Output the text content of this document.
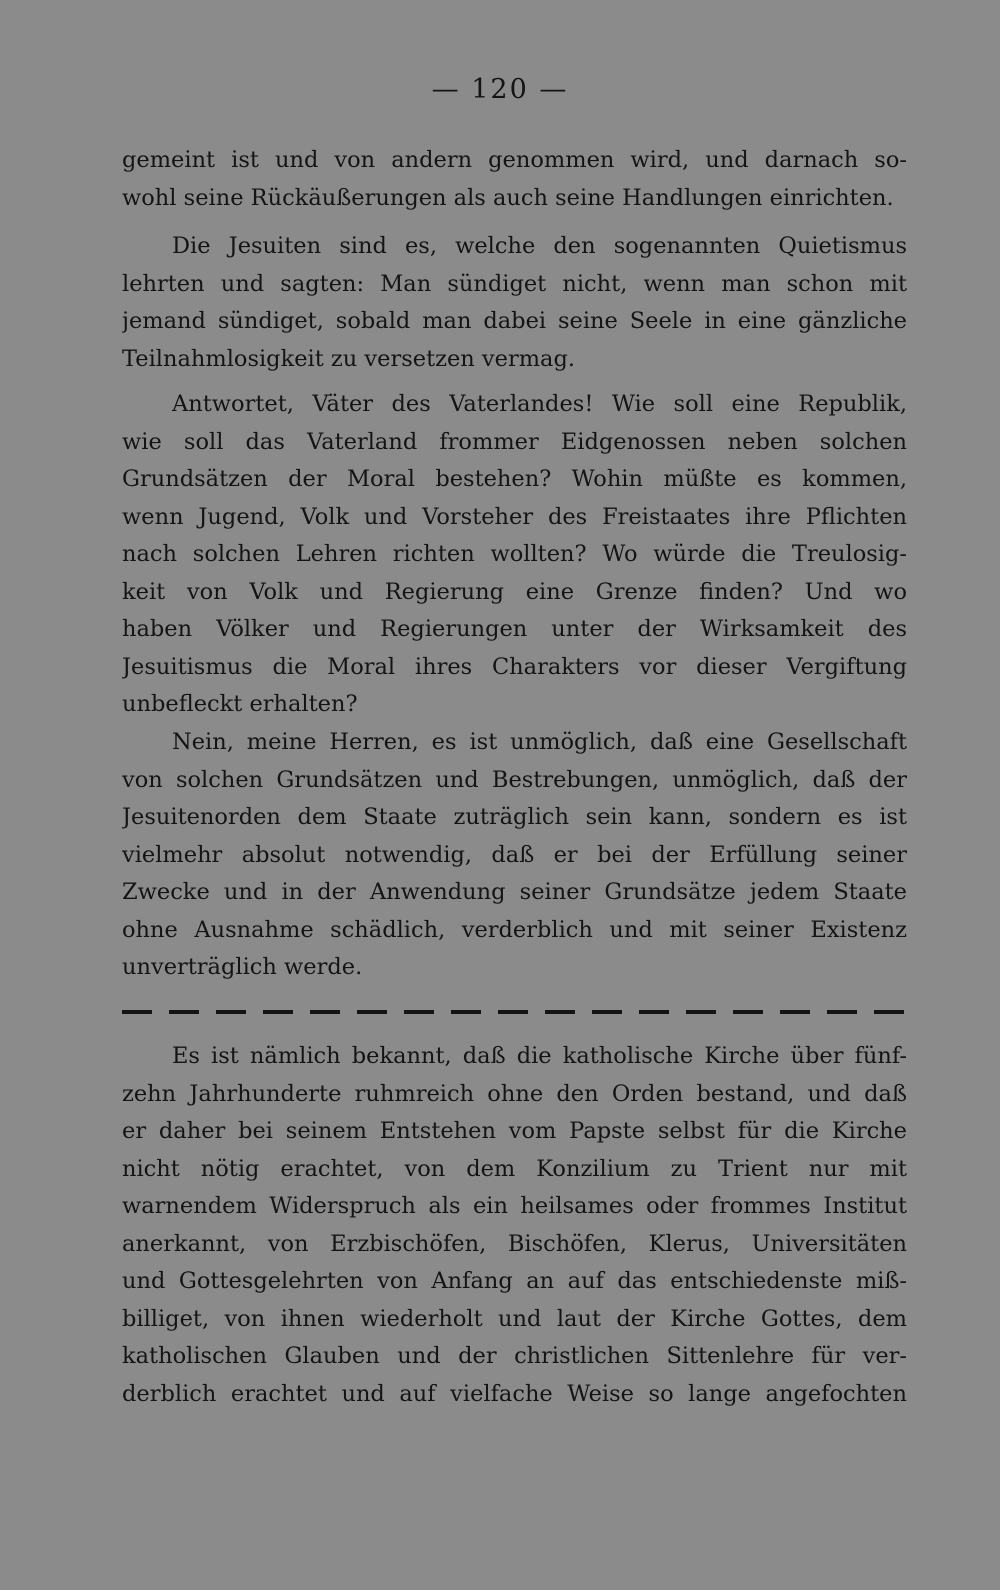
— 120 —
gemeint ist und von andern genommen wird, und darnach so-
wohl seine Rückäußerungen als auch seine Handlungen einrichten.
Die Jesuiten sind es, welche den sogenannten Quietismus
lehrten und sagten: Man sündiget nicht, wenn man schon mit
jemand sündiget, sobald man dabei seine Seele in eine gänzliche
Teilnahmlosigkeit zu versetzen vermag.
Antwortet, Väter des Vaterlandes! Wie soll eine Republik,
wie soll das Vaterland frommer Eidgenossen neben solchen
Grundsätzen der Moral bestehen? Wohin müßte es kommen,
wenn Jugend, Volk und Vorsteher des Freistaates ihre Pflichten
nach solchen Lehren richten wollten? Wo würde die Treulosig-
keit von Volk und Regierung eine Grenze finden? Und wo
haben Völker und Regierungen unter der Wirksamkeit des
Jesuitismus die Moral ihres Charakters vor dieser Vergiftung
unbefleckt erhalten?
Nein, meine Herren, es ist unmöglich, daß eine Gesellschaft
von solchen Grundsätzen und Bestrebungen, unmöglich, daß der
Jesuitenorden dem Staate zuträglich sein kann, sondern es ist
vielmehr absolut notwendig, daß er bei der Erfüllung seiner
Zwecke und in der Anwendung seiner Grundsätze jedem Staate
ohne Ausnahme schädlich, verderblich und mit seiner Existenz
unverträglich werde.
Es ist nämlich bekannt, daß die katholische Kirche über fünf-
zehn Jahrhunderte ruhmreich ohne den Orden bestand, und daß
er daher bei seinem Entstehen vom Papste selbst für die Kirche
nicht nötig erachtet, von dem Konzilium zu Trient nur mit
warnendem Widerspruch als ein heilsames oder frommes Institut
anerkannt, von Erzbischöfen, Bischöfen, Klerus, Universitäten
und Gottesgelehrten von Anfang an auf das entschiedenste miß-
billiget, von ihnen wiederholt und laut der Kirche Gottes, dem
katholischen Glauben und der christlichen Sittenlehre für ver-
derblich erachtet und auf vielfache Weise so lange angefochten
